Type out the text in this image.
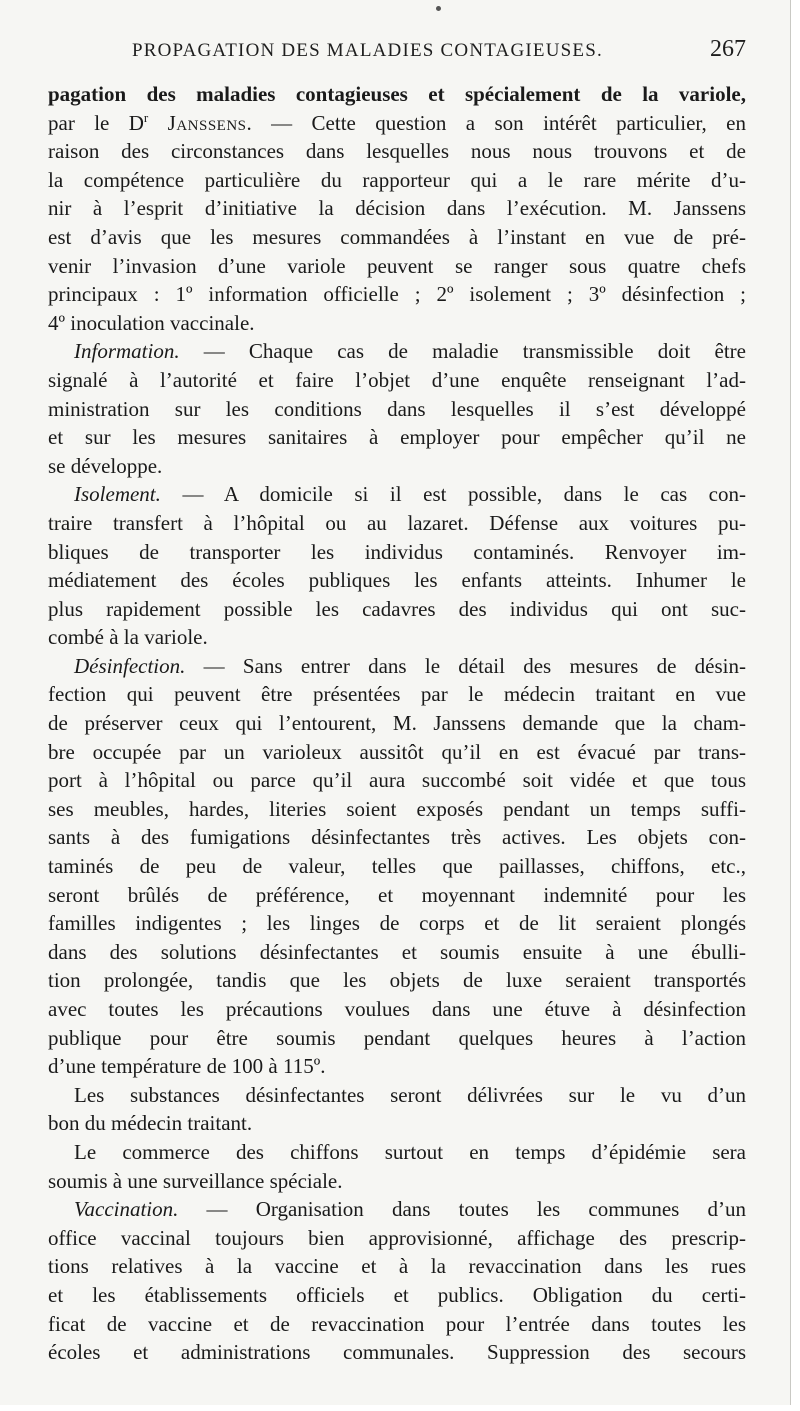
PROPAGATION DES MALADIES CONTAGIEUSES.	267
pagation des maladies contagieuses et spécialement de la variole,
par le $D^r$ Janssens. — Cette question a son intérêt particulier, en
raison des circonstances dans lesquelles nous nous trouvons et de
la compétence particulière du rapporteur qui a le rare mérite d’u-
nir à l’esprit d’initiative la décision dans l’exécution. M. Janssens
est d’avis que les mesures commandées à l’instant en vue de pré-
venir l’invasion d’une variole peuvent se ranger sous quatre chefs
principaux : 1º information officielle ; 2º isolement ; 3º désinfection ;
4º inoculation vaccinale.
Information. — Chaque cas de maladie transmissible doit être
signalé à l’autorité et faire l’objet d’une enquête renseignant l’ad-
ministration sur les conditions dans lesquelles il s’est développé
et sur les mesures sanitaires à employer pour empêcher qu’il ne
se développe.
Isolement. — A domicile si il est possible, dans le cas con-
traire transfert à l’hôpital ou au lazaret. Défense aux voitures pu-
bliques de transporter les individus contaminés. Renvoyer im-
médiatement des écoles publiques les enfants atteints. Inhumer le
plus rapidement possible les cadavres des individus qui ont suc-
combé à la variole.
Désinfection. — Sans entrer dans le détail des mesures de désin-
fection qui peuvent être présentées par le médecin traitant en vue
de préserver ceux qui l’entourent, M. Janssens demande que la cham-
bre occupée par un varioleux aussitôt qu’il en est évacué par trans-
port à l’hôpital ou parce qu’il aura succombé soit vidée et que tous
ses meubles, hardes, literies soient exposés pendant un temps suffi-
sants à des fumigations désinfectantes très actives. Les objets con-
taminés de peu de valeur, telles que paillasses, chiffons, etc.,
seront brûlés de préférence, et moyennant indemnité pour les
familles indigentes ; les linges de corps et de lit seraient plongés
dans des solutions désinfectantes et soumis ensuite à une ébulli-
tion prolongée, tandis que les objets de luxe seraient transportés
avec toutes les précautions voulues dans une étuve à désinfection
publique pour être soumis pendant quelques heures à l’action
d’une température de 100 à 115º.
Les substances désinfectantes seront délivrées sur le vu d’un
bon du médecin traitant.
Le commerce des chiffons surtout en temps d’épidémie sera
soumis à une surveillance spéciale.
Vaccination. — Organisation dans toutes les communes d’un
office vaccinal toujours bien approvisionné, affichage des prescrip-
tions relatives à la vaccine et à la revaccination dans les rues
et les établissements officiels et publics. Obligation du certi-
ficat de vaccine et de revaccination pour l’entrée dans toutes les
écoles et administrations communales. Suppression des secours
